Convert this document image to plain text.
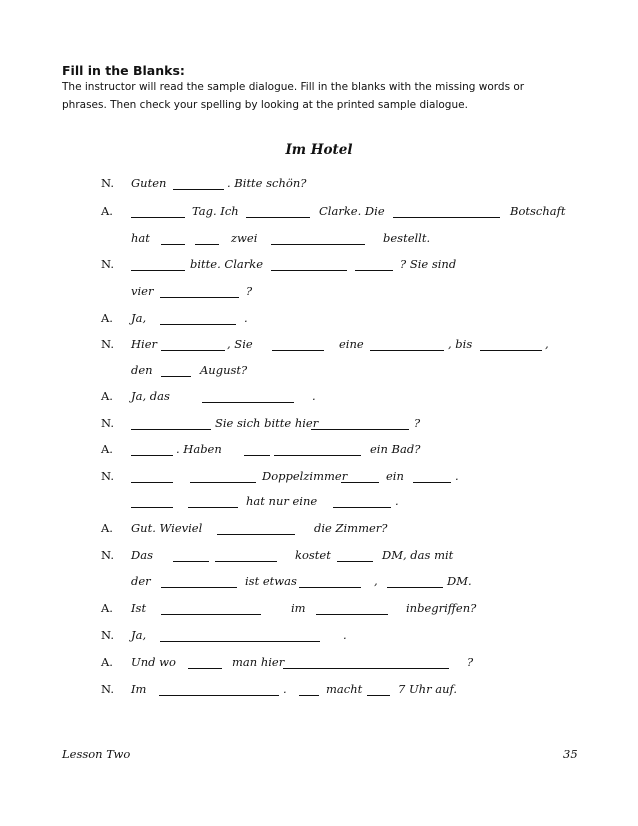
Fill in the Blanks:
The instructor will read the sample dialogue. Fill in the blanks with the missing words or
phrases. Then check your spelling by looking at the printed sample dialogue.
Im Hotel
N. Guten	. Bitte schön?
A.	Tag. Ich	Clarke. Die	Botschaft
hat	zwei	bestellt.
N.	bitte. Clarke	? Sie sind
vier	?
A. Ja,	.
N. Hier	, Sie	eine	, bis	,
den	August?
A. Ja, das	.
N.	Sie sich bitte hier	?
A.	. Haben	ein Bad?
N.	Doppelzimmer	ein	.
hat nur eine	.
A. Gut. Wieviel	die Zimmer?
N. Das	kostet	DM, das mit
der	ist etwas	,	DM.
A. Ist	im	inbegriffen?
N. Ja,	.
A. Und wo	man hier	?
N. Im	.	macht	7 Uhr auf.
Lesson Two	35
